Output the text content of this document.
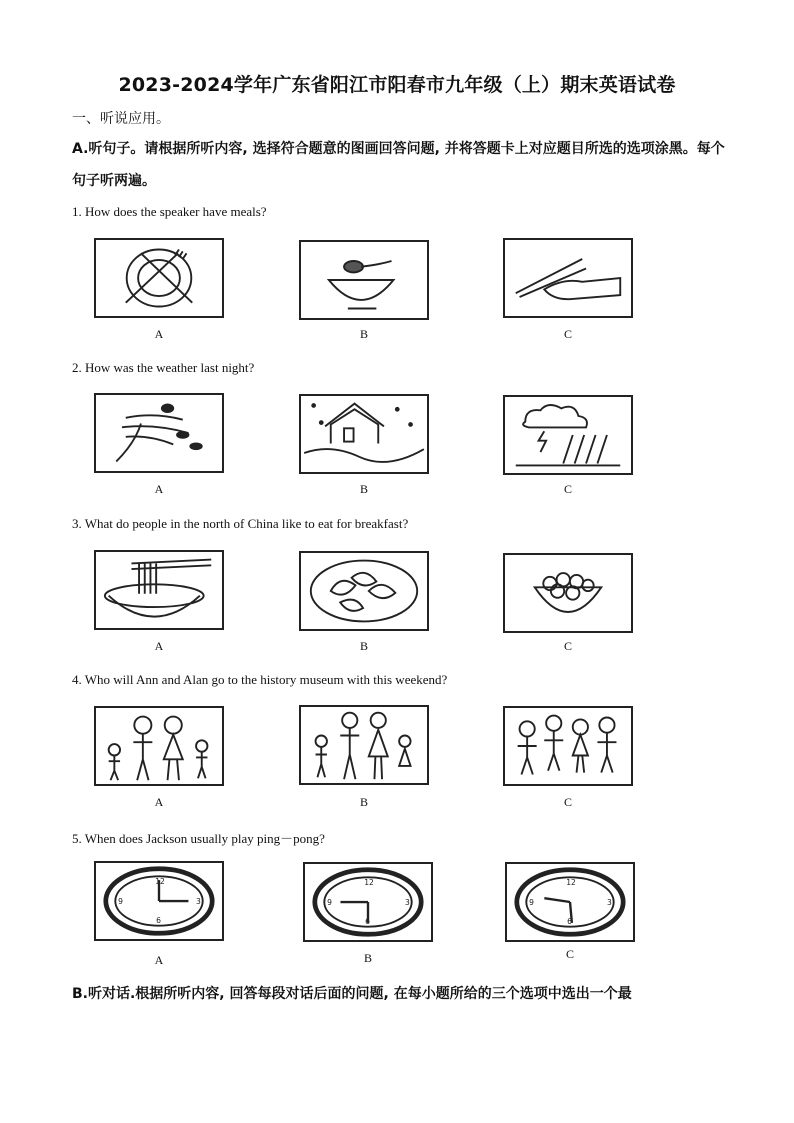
2023-2024学年广东省阳江市阳春市九年级（上）期末英语试卷
一、听说应用。
A.听句子。请根据所听内容, 选择符合题意的图画回答问题, 并将答题卡上对应题目所选的选项涂黑。每个句子听两遍。
1. How does the speaker have meals?
A	B	C
2. How was the weather last night?
A	B	C
3. What do people in the north of China like to eat for breakfast?
A	B	C
4. Who will Ann and Alan go to the history museum with this weekend?
A	B	C
5. When does Jackson usually play ping－pong?
12
3
6
9
12
3
6
9
12
3
6
9
A	B	C
B.听对话.根据所听内容, 回答每段对话后面的问题, 在每小题所给的三个选项中选出一个最
